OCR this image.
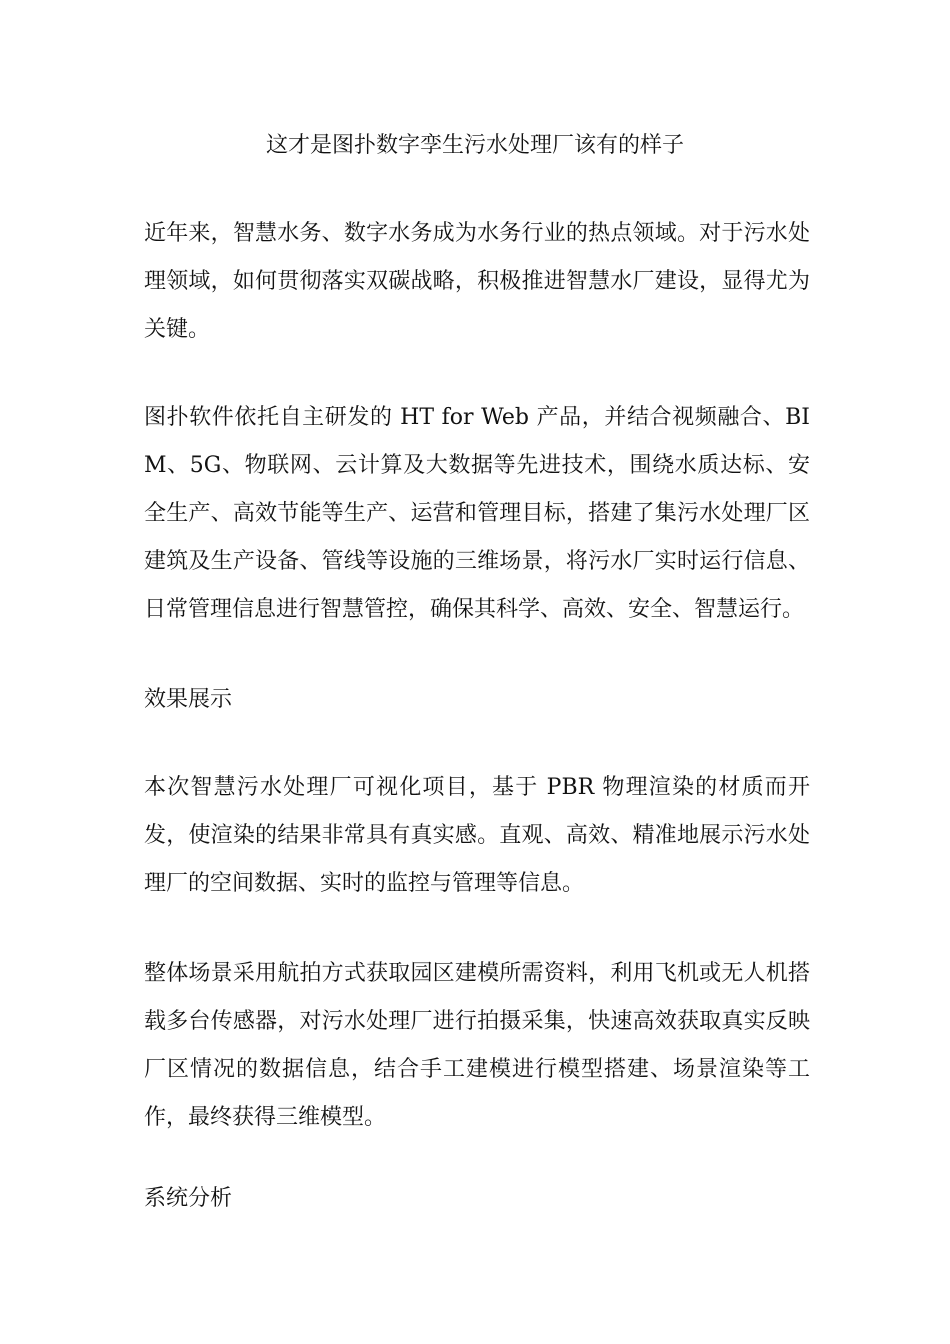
这才是图扑数字孪生污水处理厂该有的样子
近年来，智慧水务、数字水务成为水务行业的热点领域。对于污水处理领域，如何贯彻落实双碳战略，积极推进智慧水厂建设，显得尤为关键。
图扑软件依托自主研发的 HT for Web 产品，并结合视频融合、BIM、5G、物联网、云计算及大数据等先进技术，围绕水质达标、安全生产、高效节能等生产、运营和管理目标，搭建了集污水处理厂区建筑及生产设备、管线等设施的三维场景，将污水厂实时运行信息、日常管理信息进行智慧管控，确保其科学、高效、安全、智慧运行。
效果展示
本次智慧污水处理厂可视化项目，基于 PBR 物理渲染的材质而开发，使渲染的结果非常具有真实感。直观、高效、精准地展示污水处理厂的空间数据、实时的监控与管理等信息。
整体场景采用航拍方式获取园区建模所需资料，利用飞机或无人机搭载多台传感器，对污水处理厂进行拍摄采集，快速高效获取真实反映厂区情况的数据信息，结合手工建模进行模型搭建、场景渲染等工作，最终获得三维模型。
系统分析
